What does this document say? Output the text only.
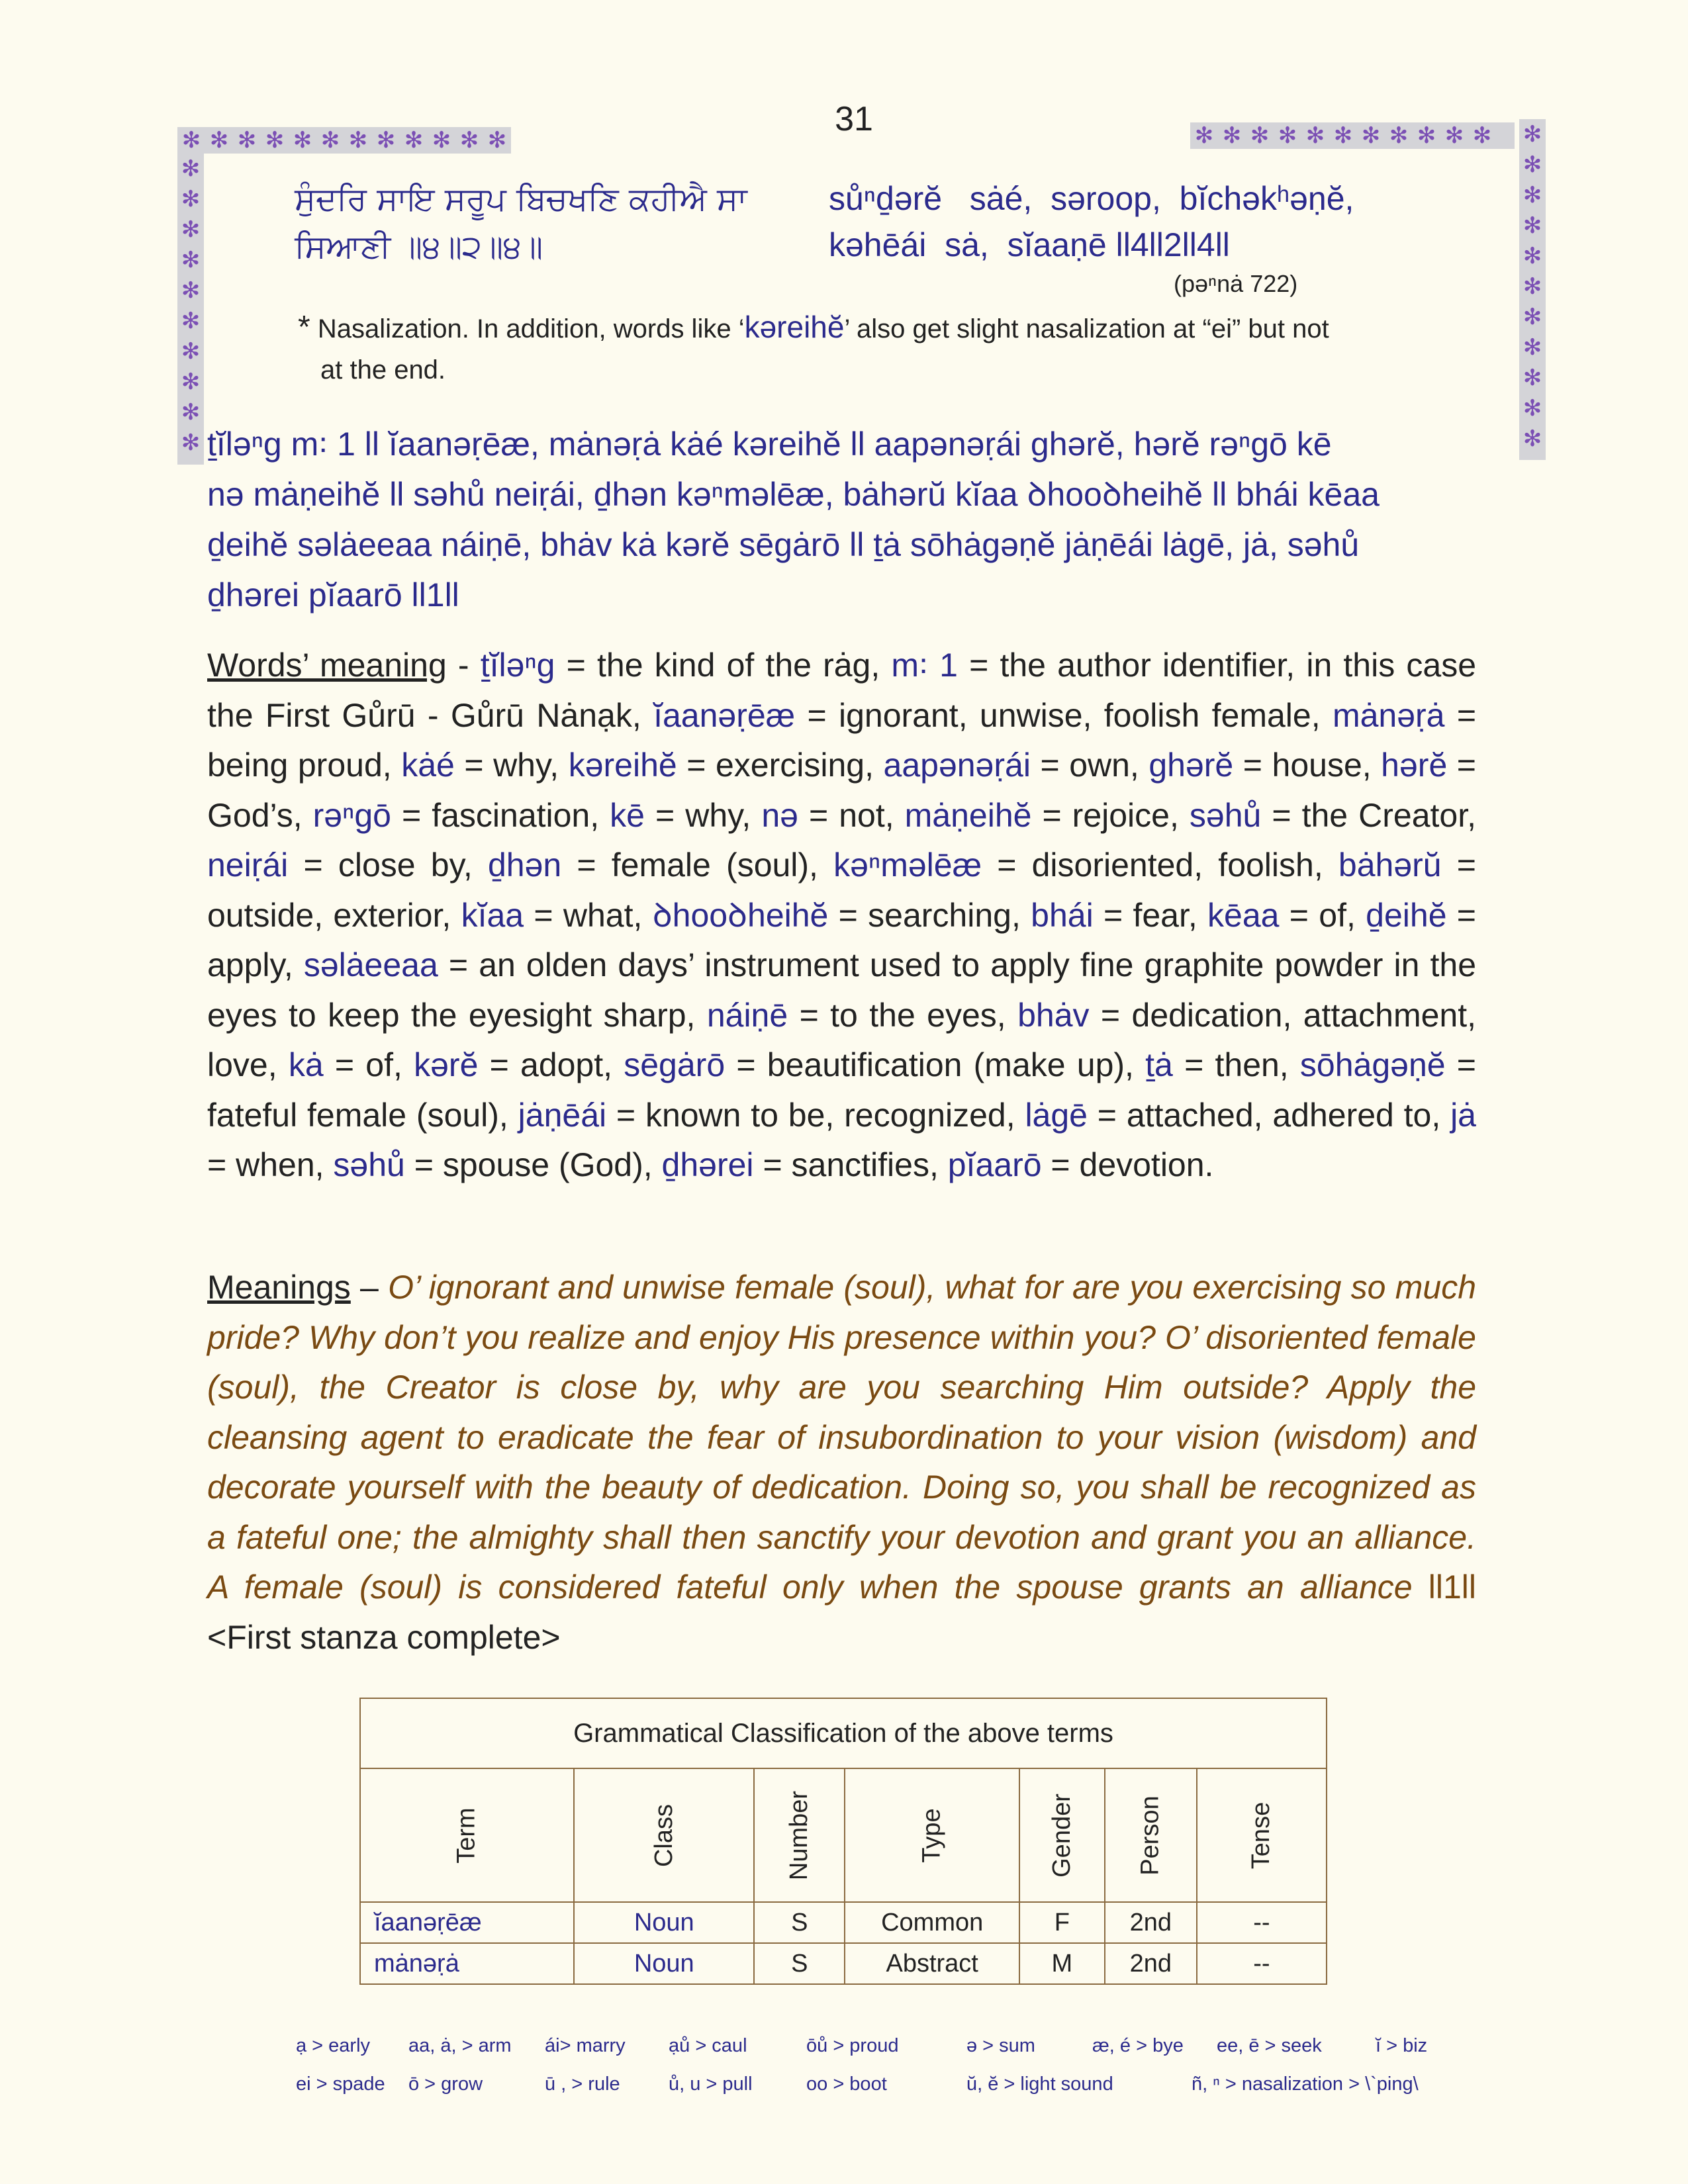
31
✻ ✻ ✻ ✻ ✻ ✻ ✻ ✻ ✻ ✻ ✻ ✻
✻
✻
✻
✻
✻
✻
✻
✻
✻
✻
✻ ✻ ✻ ✻ ✻ ✻ ✻ ✻ ✻ ✻ ✻ ✻
✻
✻
✻
✻
✻
✻
✻
✻
✻
✻
ਸੁੰਦਰਿ ਸਾਇ ਸਰੂਪ ਬਿਚਖਣਿ ਕਹੀਐ ਸਾ
ਸਿਆਣੀ ॥੪॥੨॥੪॥
sůⁿḏərĕ   sȧé,  səroop,  bĭchəkʰəṇĕ,
kəhēái  sȧ,  sĭaaṇē ll4ll2ll4ll
(pəⁿnȧ 722)
* Nasalization. In addition, words like ‘kəreihĕ’ also get slight nasalization at “ei” but not
at the end.
ṯĭləⁿg m꞉ 1 ll ĭaanəṛēæ, mȧnəṛȧ kȧé kəreihĕ ll aapənəṛái ghərĕ, hərĕ rəⁿgō kē
nə mȧṇeihĕ ll səhů neiṛái, ḏhən kəⁿməlēæ, bȧhərŭ kĭaa ꝺhooꝺheihĕ ll bhái kēaa
ḏeihĕ səlȧeeaa náiṇē, bhȧv kȧ kərĕ sēgȧrō ll ṯȧ sōhȧgəṇĕ jȧṇēái lȧgē, jȧ, səhů
ḏhərei pĭaarō ll1ll
Words’ meaning - ṯĭləⁿg = the kind of the rȧg, m꞉ 1 = the author identifier, in this case the First Gůrū - Gůrū Nȧnạk, ĭaanəṛēæ = ignorant, unwise, foolish female, mȧnəṛȧ = being proud, kȧé = why, kəreihĕ = exercising, aapənəṛái = own, ghərĕ = house, hərĕ = God’s, rəⁿgō = fascination, kē = why, nə = not, mȧṇeihĕ = rejoice, səhů = the Creator, neiṛái = close by, ḏhən = female (soul), kəⁿməlēæ = disoriented, foolish, bȧhərŭ = outside, exterior, kĭaa = what, ꝺhooꝺheihĕ = searching, bhái = fear, kēaa = of, ḏeihĕ = apply, səlȧeeaa = an olden days’ instrument used to apply fine graphite powder in the eyes to keep the eyesight sharp, náiṇē = to the eyes, bhȧv = dedication, attachment, love, kȧ = of, kərĕ = adopt, sēgȧrō = beautification (make up), ṯȧ = then, sōhȧgəṇĕ = fateful female (soul), jȧṇēái = known to be, recognized, lȧgē = attached, adhered to, jȧ = when, səhů = spouse (God), ḏhərei = sanctifies, pĭaarō = devotion.
Meanings – O’ ignorant and unwise female (soul), what for are you exercising so much pride? Why don’t you realize and enjoy His presence within you? O’ disoriented female (soul), the Creator is close by, why are you searching Him outside? Apply the cleansing agent to eradicate the fear of insubordination to your vision (wisdom) and decorate yourself with the beauty of dedication. Doing so, you shall be recognized as a fateful one; the almighty shall then sanctify your devotion and grant you an alliance. A female (soul) is considered fateful only when the spouse grants an alliance ll1ll <First stanza complete>
Grammatical Classification of the above terms						
Term	Class	Number	Type	Gender	Person	Tense
ĭaanəṛēæ	Noun	S	Common	F	2nd	--
mȧnəṛȧ	Noun	S	Abstract	M	2nd	--
ạ > early aa, ȧ, > arm ái> marry ạů > caul	ōů > proud	ə > sum	æ, é > bye ee, ē > seek	ĭ > biz
ei > spade ō > grow	ū , > rule	ů, u > pull	oo > boot	ŭ, ĕ > light sound	ñ, ⁿ > nasalization > \`ping\
